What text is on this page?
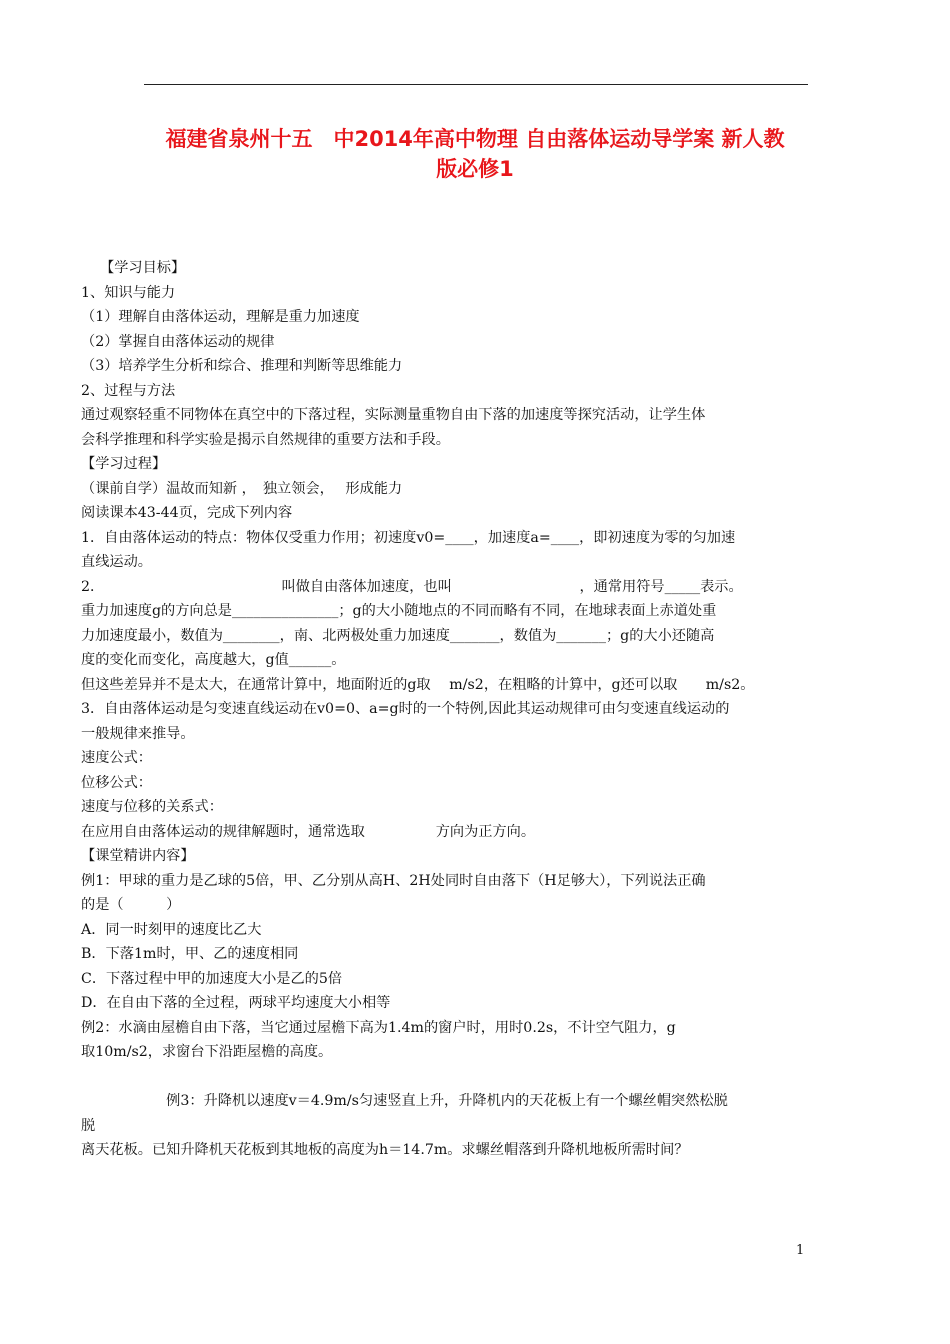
福建省泉州十五　中2014年高中物理 自由落体运动导学案 新人教
版必修1
【学习目标】
1、知识与能力
（1）理解自由落体运动，理解是重力加速度
（2）掌握自由落体运动的规律
（3）培养学生分析和综合、推理和判断等思维能力
2、过程与方法
通过观察轻重不同物体在真空中的下落过程，实际测量重物自由下落的加速度等探究活动，让学生体
会科学推理和科学实验是揭示自然规律的重要方法和手段。
【学习过程】
（课前自学）温故而知新 ，　独立领会，　 形成能力
阅读课本43-44页，完成下列内容
1．自由落体运动的特点：物体仅受重力作用；初速度v0=____，加速度a=____，即初速度为零的匀加速
直线运动。
2．　　　　　　　　　　　　　叫做自由落体加速度，也叫　　　　　　　　　，通常用符号_____表示。
重力加速度g的方向总是_______________；g的大小随地点的不同而略有不同，在地球表面上赤道处重
力加速度最小，数值为________，南、北两极处重力加速度_______，数值为_______；g的大小还随高
度的变化而变化，高度越大，g值______。
但这些差异并不是太大，在通常计算中，地面附近的g取　 m/s2，在粗略的计算中，g还可以取　　m/s2。
3．自由落体运动是匀变速直线运动在v0=0、a=g时的一个特例,因此其运动规律可由匀变速直线运动的
一般规律来推导。
速度公式：
位移公式：
速度与位移的关系式：
在应用自由落体运动的规律解题时，通常选取　　　　　方向为正方向。
【课堂精讲内容】
例1：甲球的重力是乙球的5倍，甲、乙分别从高H、2H处同时自由落下（H足够大），下列说法正确
的是（　　　）
A．同一时刻甲的速度比乙大
B．下落1m时，甲、乙的速度相同
C．下落过程中甲的加速度大小是乙的5倍
D．在自由下落的全过程，两球平均速度大小相等
例2：水滴由屋檐自由下落，当它通过屋檐下高为1.4m的窗户时，用时0.2s，不计空气阻力，g
取10m/s2，求窗台下沿距屋檐的高度。
　　　　　　例3：升降机以速度v＝4.9m/s匀速竖直上升，升降机内的天花板上有一个螺丝帽突然松脱
脱
离天花板。已知升降机天花板到其地板的高度为h＝14.7m。求螺丝帽落到升降机地板所需时间？
1
